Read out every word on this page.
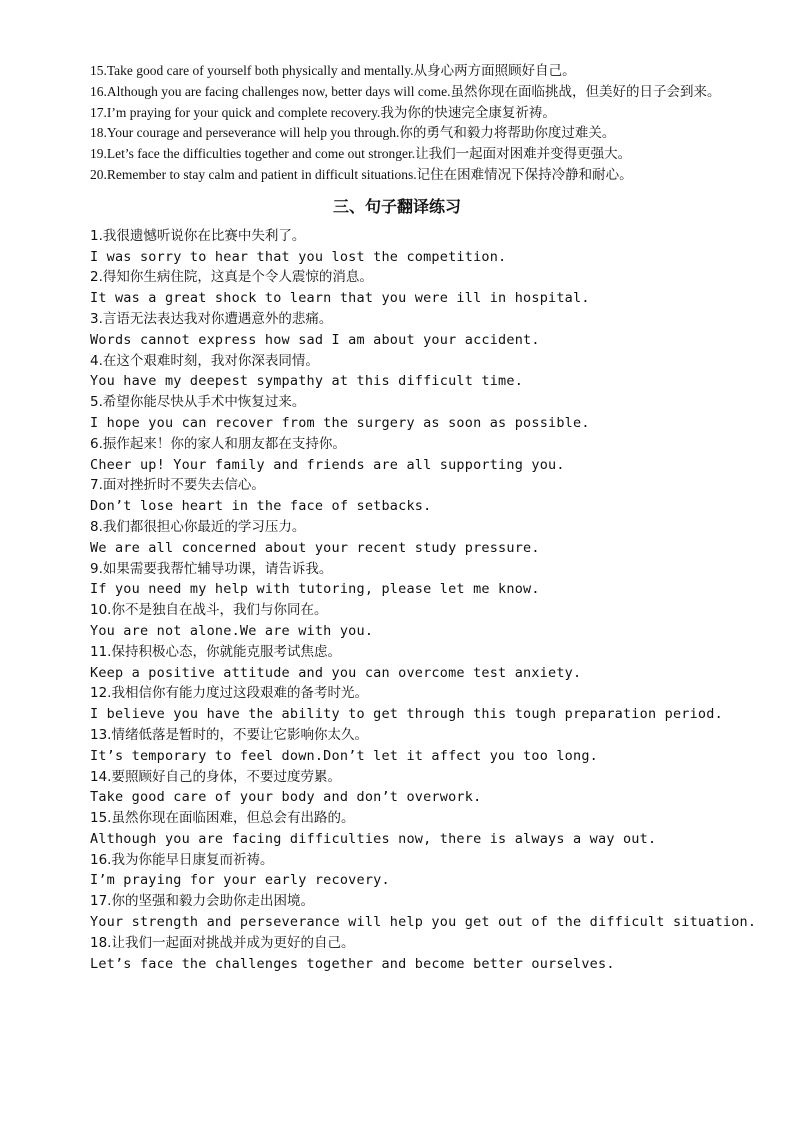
15.Take good care of yourself both physically and mentally.从身心两方面照顾好自己。

16.Although you are facing challenges now, better days will come.虽然你现在面临挑战，但美好的日子会到来。

17.I’m praying for your quick and complete recovery.我为你的快速完全康复祈祷。

18.Your courage and perseverance will help you through.你的勇气和毅力将帮助你度过难关。

19.Let’s face the difficulties together and come out stronger.让我们一起面对困难并变得更强大。

20.Remember to stay calm and patient in difficult situations.记住在困难情况下保持冷静和耐心。

三、句子翻译练习
1.我很遗憾听说你在比赛中失利了。
I was sorry to hear that you lost the competition.
2.得知你生病住院，这真是个令人震惊的消息。
It was a great shock to learn that you were ill in hospital.
3.言语无法表达我对你遭遇意外的悲痛。
Words cannot express how sad I am about your accident.
4.在这个艰难时刻，我对你深表同情。
You have my deepest sympathy at this difficult time.
5.希望你能尽快从手术中恢复过来。
I hope you can recover from the surgery as soon as possible.
6.振作起来！你的家人和朋友都在支持你。
Cheer up! Your family and friends are all supporting you.
7.面对挫折时不要失去信心。
Don’t lose heart in the face of setbacks.
8.我们都很担心你最近的学习压力。
We are all concerned about your recent study pressure.
9.如果需要我帮忙辅导功课，请告诉我。
If you need my help with tutoring, please let me know.
10.你不是独自在战斗，我们与你同在。
You are not alone.We are with you.
11.保持积极心态，你就能克服考试焦虑。
Keep a positive attitude and you can overcome test anxiety.
12.我相信你有能力度过这段艰难的备考时光。
I believe you have the ability to get through this tough preparation period.
13.情绪低落是暂时的，不要让它影响你太久。
It’s temporary to feel down.Don’t let it affect you too long.
14.要照顾好自己的身体，不要过度劳累。
Take good care of your body and don’t overwork.
15.虽然你现在面临困难，但总会有出路的。
Although you are facing difficulties now, there is always a way out.
16.我为你能早日康复而祈祷。
I’m praying for your early recovery.
17.你的坚强和毅力会助你走出困境。
Your strength and perseverance will help you get out of the difficult situation.
18.让我们一起面对挑战并成为更好的自己。
Let’s face the challenges together and become better ourselves.
